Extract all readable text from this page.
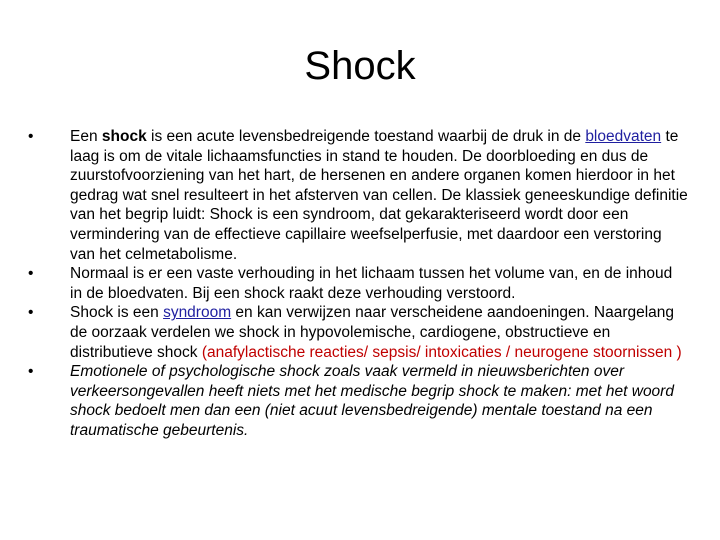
Shock
• Een shock is een acute levensbedreigende toestand waarbij de druk in de bloedvaten te laag is om de vitale lichaamsfuncties in stand te houden. De doorbloeding en dus de zuurstofvoorziening van het hart, de hersenen en andere organen komen hierdoor in het gedrag wat snel resulteert in het afsterven van cellen. De klassiek geneeskundige definitie van het begrip luidt: Shock is een syndroom, dat gekarakteriseerd wordt door een vermindering van de effectieve capillaire weefselperfusie, met daardoor een verstoring van het celmetabolisme.
• Normaal is er een vaste verhouding in het lichaam tussen het volume van, en de inhoud in de bloedvaten. Bij een shock raakt deze verhouding verstoord.
• Shock is een syndroom en kan verwijzen naar verscheidene aandoeningen. Naargelang de oorzaak verdelen we shock in hypovolemische, cardiogene, obstructieve en distributieve shock (anafylactische reacties/ sepsis/ intoxicaties / neurogene stoornissen )
• Emotionele of psychologische shock zoals vaak vermeld in nieuwsberichten over verkeersongevallen heeft niets met het medische begrip shock te maken: met het woord shock bedoelt men dan een (niet acuut levensbedreigende) mentale toestand na een traumatische gebeurtenis.
